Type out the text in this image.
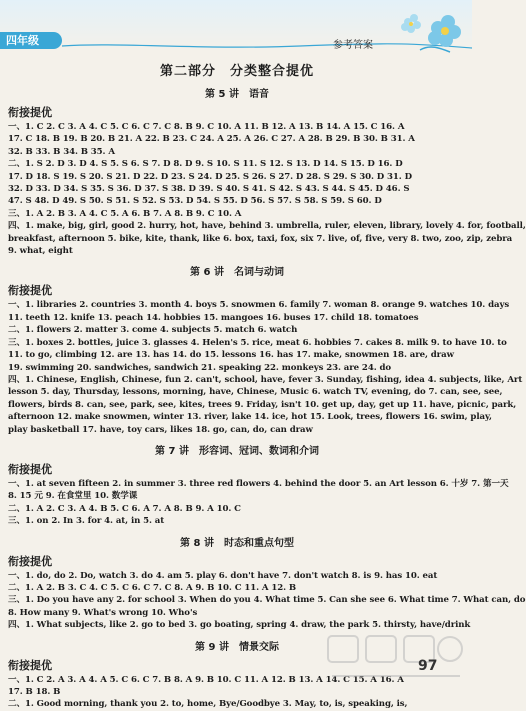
四年级	参考答案
第二部分　分类整合提优
第 5 讲　语音
衔接提优
一、1. C 2. C 3. A 4. C 5. C 6. C 7. C 8. B 9. C 10. A 11. B 12. A 13. B 14. A 15. C 16. A
17. C 18. B 19. B 20. B 21. A 22. B 23. C 24. A 25. A 26. C 27. A 28. B 29. B 30. B 31. A
32. B 33. B 34. B 35. A
二、1. S 2. D 3. D 4. S 5. S 6. S 7. D 8. D 9. S 10. S 11. S 12. S 13. D 14. S 15. D 16. D
17. D 18. S 19. S 20. S 21. D 22. D 23. S 24. D 25. S 26. S 27. D 28. S 29. S 30. D 31. D
32. D 33. D 34. S 35. S 36. D 37. S 38. D 39. S 40. S 41. S 42. S 43. S 44. S 45. D 46. S
47. S 48. D 49. S 50. S 51. S 52. S 53. D 54. S 55. D 56. S 57. S 58. S 59. S 60. D
三、1. A 2. B 3. A 4. C 5. A 6. B 7. A 8. B 9. C 10. A
四、1. make, big, girl, good 2. hurry, hot, have, behind 3. umbrella, ruler, eleven, library, lovely 4. for, football,
breakfast, afternoon 5. bike, kite, thank, like 6. box, taxi, fox, six 7. live, of, five, very 8. two, zoo, zip, zebra
9. what, eight
第 6 讲　名词与动词
衔接提优
一、1. libraries 2. countries 3. month 4. boys 5. snowmen 6. family 7. woman 8. orange 9. watches 10. days
11. teeth 12. knife 13. peach 14. hobbies 15. mangoes 16. buses 17. child 18. tomatoes
二、1. flowers 2. matter 3. come 4. subjects 5. match 6. watch
三、1. boxes 2. bottles, juice 3. glasses 4. Helen's 5. rice, meat 6. hobbies 7. cakes 8. milk 9. to have 10. to
11. to go, climbing 12. are 13. has 14. do 15. lessons 16. has 17. make, snowmen 18. are, draw
19. swimming 20. sandwiches, sandwich 21. speaking 22. monkeys 23. are 24. do
四、1. Chinese, English, Chinese, fun 2. can't, school, have, fever 3. Sunday, fishing, idea 4. subjects, like, Art
lesson 5. day, Thursday, lessons, morning, have, Chinese, Music 6. watch TV, evening, do 7. can, see, see,
flowers, birds 8. can, see, park, see, kites, trees 9. Friday, isn't 10. get up, day, get up 11. have, picnic, park,
afternoon 12. make snowmen, winter 13. river, lake 14. ice, hot 15. Look, trees, flowers 16. swim, play,
play basketball 17. have, toy cars, likes 18. go, can, do, can draw
第 7 讲　形容词、冠词、数词和介词
衔接提优
一、1. at seven fifteen 2. in summer 3. three red flowers 4. behind the door 5. an Art lesson 6. 十岁 7. 第一天
8. 15 元 9. 在食堂里 10. 数学课
二、1. A 2. C 3. A 4. B 5. C 6. A 7. A 8. B 9. A 10. C
三、1. on 2. In 3. for 4. at, in 5. at
第 8 讲　时态和重点句型
衔接提优
一、1. do, do 2. Do, watch 3. do 4. am 5. play 6. don't have 7. don't watch 8. is 9. has 10. eat
二、1. A 2. B 3. C 4. C 5. C 6. C 7. C 8. A 9. B 10. C 11. A 12. B
三、1. Do you have any 2. for school 3. When do you 4. What time 5. Can she see 6. What time 7. What can, do
8. How many 9. What's wrong 10. Who's
四、1. What subjects, like 2. go to bed 3. go boating, spring 4. draw, the park 5. thirsty, have/drink
第 9 讲　情景交际
衔接提优
一、1. C 2. A 3. A 4. A 5. C 6. C 7. B 8. A 9. B 10. C 11. A 12. B 13. A 14. C 15. A 16. A
17. B 18. B
二、1. Good morning, thank you 2. to, home, Bye/Goodbye 3. May, to, is, speaking, is,
97
